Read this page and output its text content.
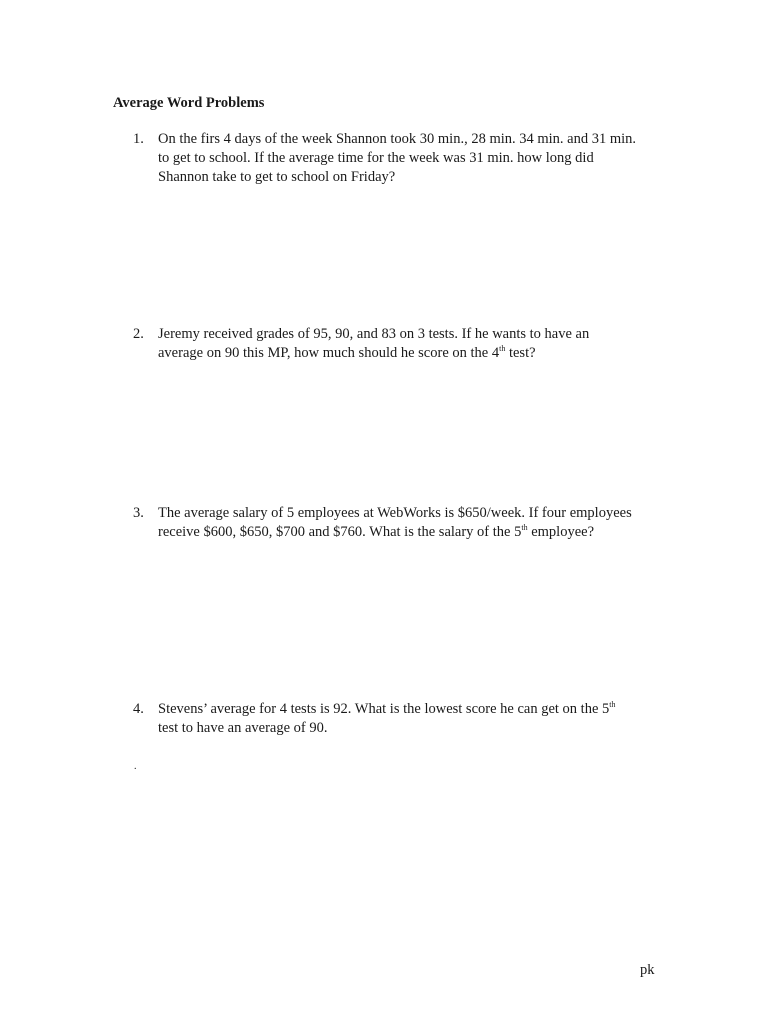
Average Word Problems
1. On the firs 4 days of the week Shannon took 30 min., 28 min. 34 min. and 31 min.
to get to school. If the average time for the week was 31 min. how long did
Shannon take to get to school on Friday?
2. Jeremy received grades of 95, 90, and 83 on 3 tests. If he wants to have an
average on 90 this MP, how much should he score on the 4th test?
3. The average salary of 5 employees at WebWorks is $650/week. If four employees
receive $600, $650, $700 and $760. What is the salary of the 5th employee?
4. Stevens’ average for 4 tests is 92. What is the lowest score he can get on the 5th
test to have an average of 90.
.
pk
